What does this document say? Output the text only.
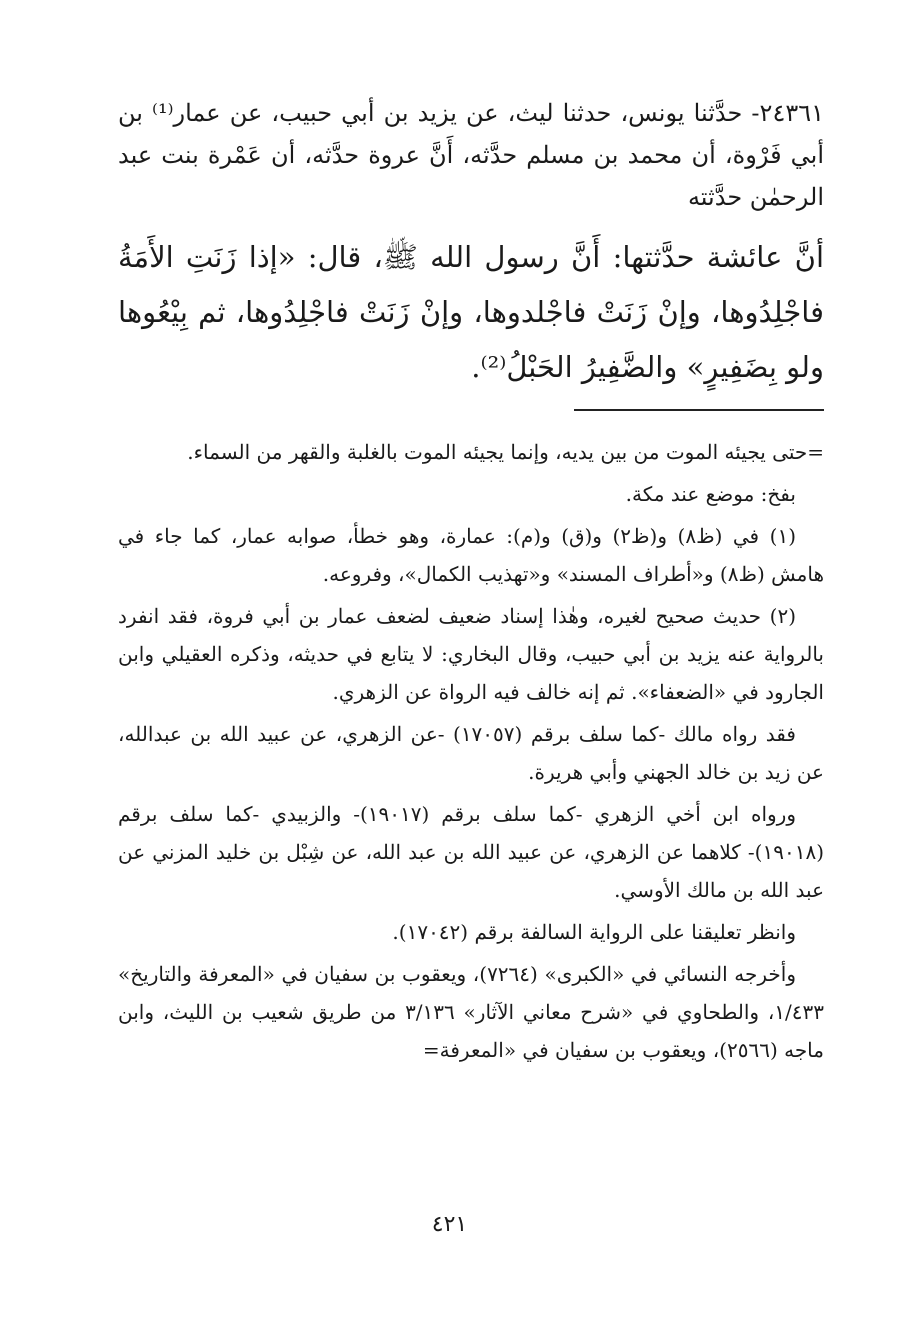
٢٤٣٦١- حدَّثنا يونس، حدثنا ليث، عن يزيد بن أبي حبيب، عن عمار⁽¹⁾ بن أبي فَرْوة، أن محمد بن مسلم حدَّثه، أَنَّ عروة حدَّثه، أن عَمْرة بنت عبد الرحمٰن حدَّثته

أنَّ عائشة حدَّثتها: أَنَّ رسول الله ﷺ، قال: «إذا زَنَتِ الأَمَةُ فاجْلِدُوها، وإنْ زَنَتْ فاجْلدوها، وإنْ زَنَتْ فاجْلِدُوها، ثم بِيْعُوها ولو بِضَفِيرٍ» والضَّفِيرُ الحَبْلُ⁽²⁾.

=حتى يجيئه الموت من بين يديه، وإنما يجيئه الموت بالغلبة والقهر من السماء.

بفخ: موضع عند مكة.

(١) في (ظ٨) و(ظ٢) و(ق) و(م): عمارة، وهو خطأ، صوابه عمار، كما جاء في هامش (ظ٨) و«أطراف المسند» و«تهذيب الكمال»، وفروعه.

(٢) حديث صحيح لغيره، وهٰذا إسناد ضعيف لضعف عمار بن أبي فروة، فقد انفرد بالرواية عنه يزيد بن أبي حبيب، وقال البخاري: لا يتابع في حديثه، وذكره العقيلي وابن الجارود في «الضعفاء». ثم إنه خالف فيه الرواة عن الزهري.

فقد رواه مالك -كما سلف برقم (١٧٠٥٧) -عن الزهري، عن عبيد الله بن عبدالله، عن زيد بن خالد الجهني وأبي هريرة.

ورواه ابن أخي الزهري -كما سلف برقم (١٩٠١٧)- والزبيدي -كما سلف برقم (١٩٠١٨)- كلاهما عن الزهري، عن عبيد الله بن عبد الله، عن شِبْل بن خليد المزني عن عبد الله بن مالك الأوسي.

وانظر تعليقنا على الرواية السالفة برقم (١٧٠٤٢).

وأخرجه النسائي في «الكبرى» (٧٢٦٤)، ويعقوب بن سفيان في «المعرفة والتاريخ» ١/٤٣٣، والطحاوي في «شرح معاني الآثار» ٣/١٣٦ من طريق شعيب بن الليث، وابن ماجه (٢٥٦٦)، ويعقوب بن سفيان في «المعرفة=

٤٢١
